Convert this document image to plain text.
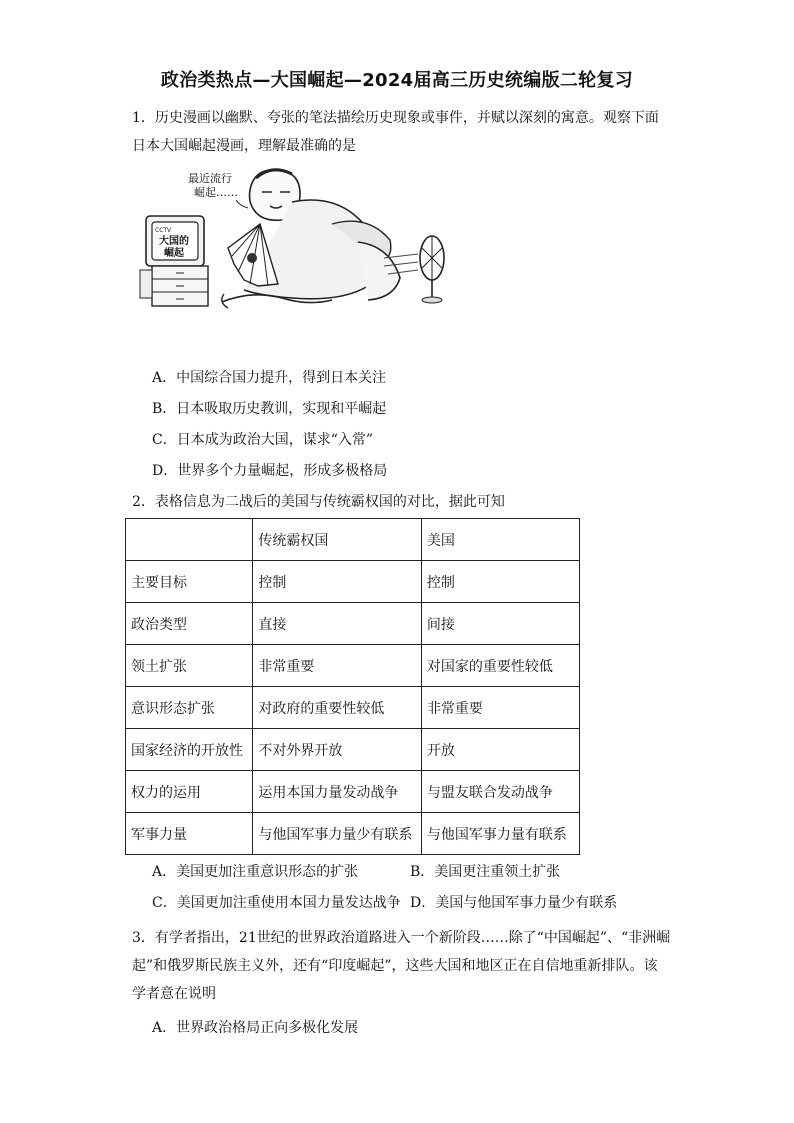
政治类热点—大国崛起—2024届高三历史统编版二轮复习
1．历史漫画以幽默、夸张的笔法描绘历史现象或事件，并赋以深刻的寓意。观察下面
日本大国崛起漫画，理解最准确的是
最近流行
崛起……
CCTV
大国的
崛起
A．中国综合国力提升，得到日本关注
B．日本吸取历史教训，实现和平崛起
C．日本成为政治大国，谋求“入常”
D．世界多个力量崛起，形成多极格局
2．表格信息为二战后的美国与传统霸权国的对比，据此可知
	传统霸权国	美国
主要目标	控制	控制
政治类型	直接	间接
领土扩张	非常重要	对国家的重要性较低
意识形态扩张	对政府的重要性较低	非常重要
国家经济的开放性	不对外界开放	开放
权力的运用	运用本国力量发动战争	与盟友联合发动战争
军事力量	与他国军事力量少有联系	与他国军事力量有联系
A．美国更加注重意识形态的扩张	B．美国更注重领土扩张
C．美国更加注重使用本国力量发达战争 D．美国与他国军事力量少有联系
3．有学者指出，21世纪的世界政治道路进入一个新阶段……除了“中国崛起”、“非洲崛
起”和俄罗斯民族主义外，还有“印度崛起”，这些大国和地区正在自信地重新排队。该
学者意在说明
A．世界政治格局正向多极化发展
